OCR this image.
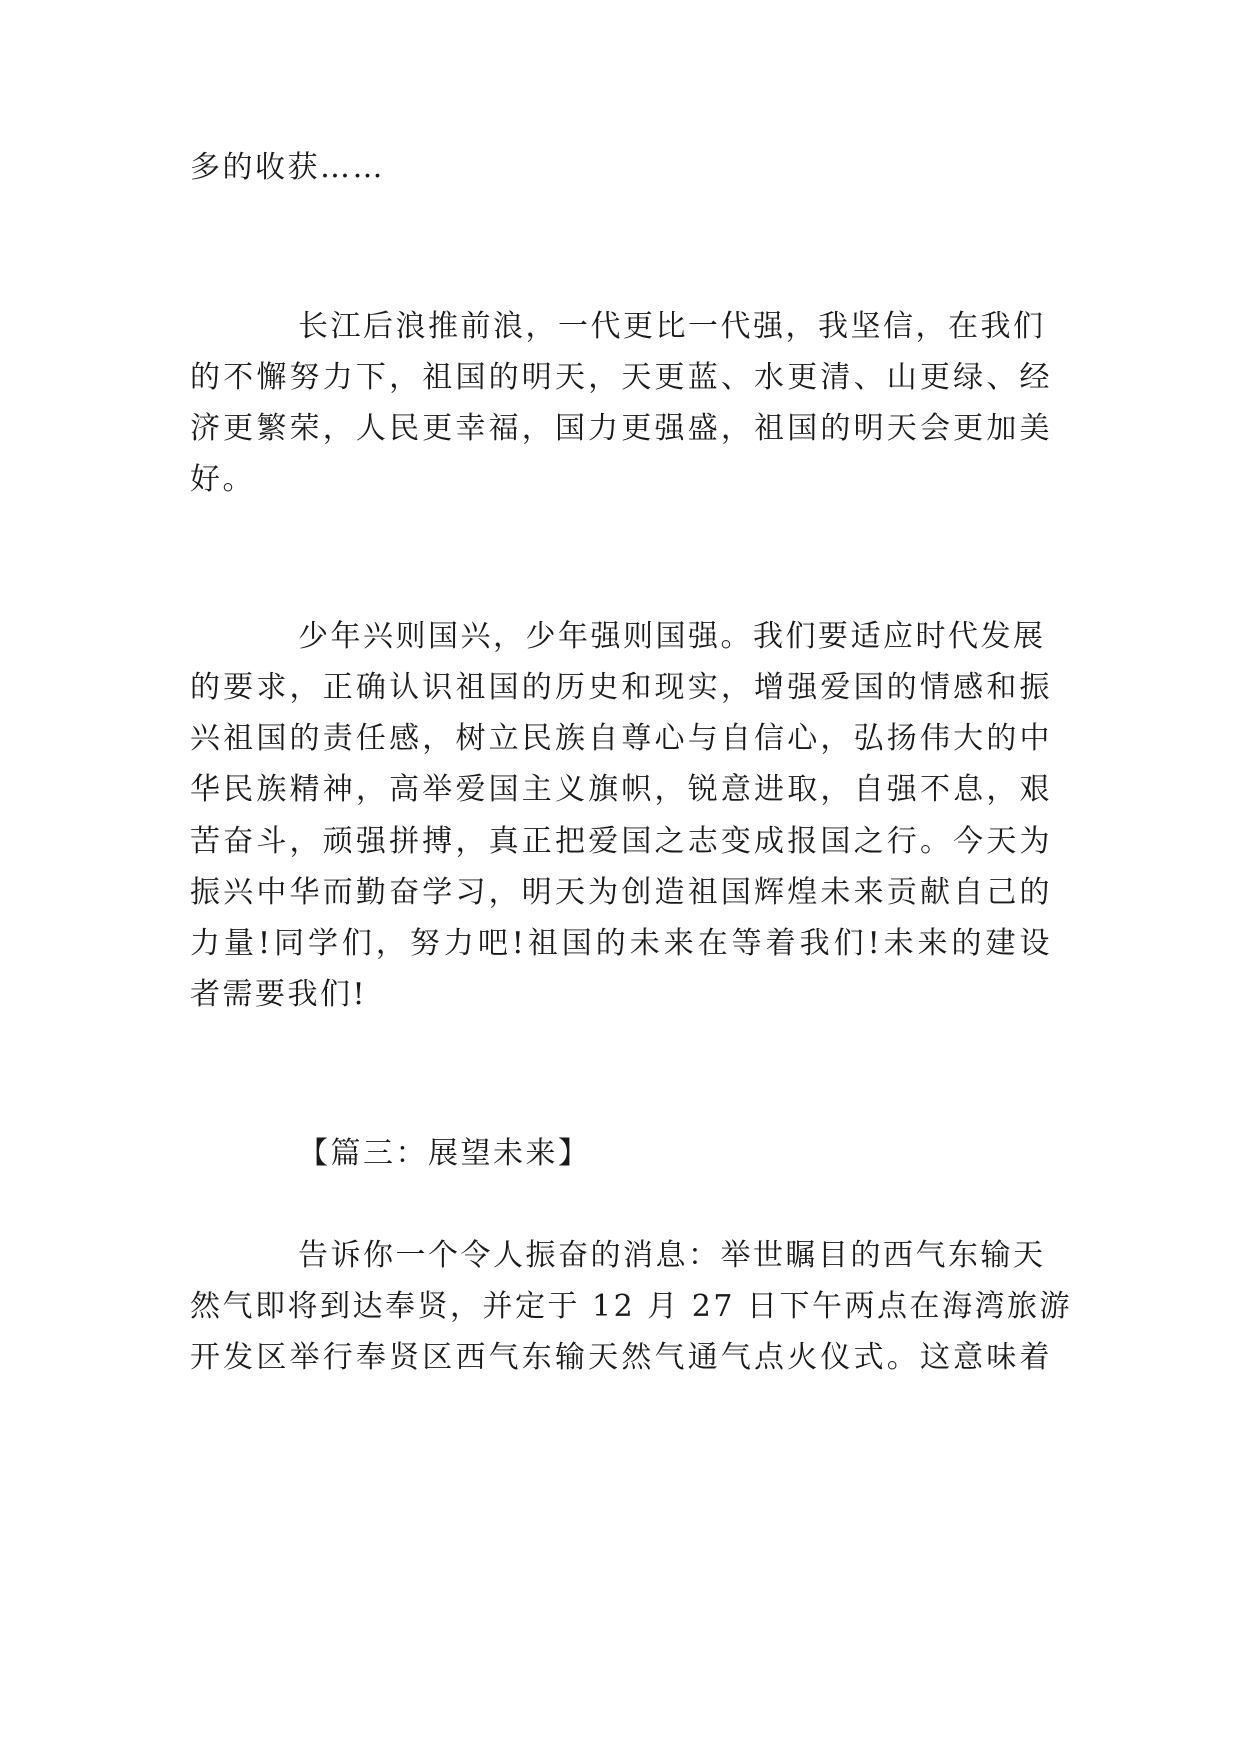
多的收获……
长江后浪推前浪，一代更比一代强，我坚信，在我们
的不懈努力下，祖国的明天，天更蓝、水更清、山更绿、经
济更繁荣，人民更幸福，国力更强盛，祖国的明天会更加美
好。
少年兴则国兴，少年强则国强。我们要适应时代发展
的要求，正确认识祖国的历史和现实，增强爱国的情感和振
兴祖国的责任感，树立民族自尊心与自信心，弘扬伟大的中
华民族精神，高举爱国主义旗帜，锐意进取，自强不息，艰
苦奋斗，顽强拼搏，真正把爱国之志变成报国之行。今天为
振兴中华而勤奋学习，明天为创造祖国辉煌未来贡献自己的
力量!同学们，努力吧!祖国的未来在等着我们!未来的建设
者需要我们!
【篇三：展望未来】
告诉你一个令人振奋的消息：举世瞩目的西气东输天
然气即将到达奉贤，并定于 12 月 27 日下午两点在海湾旅游
开发区举行奉贤区西气东输天然气通气点火仪式。这意味着
